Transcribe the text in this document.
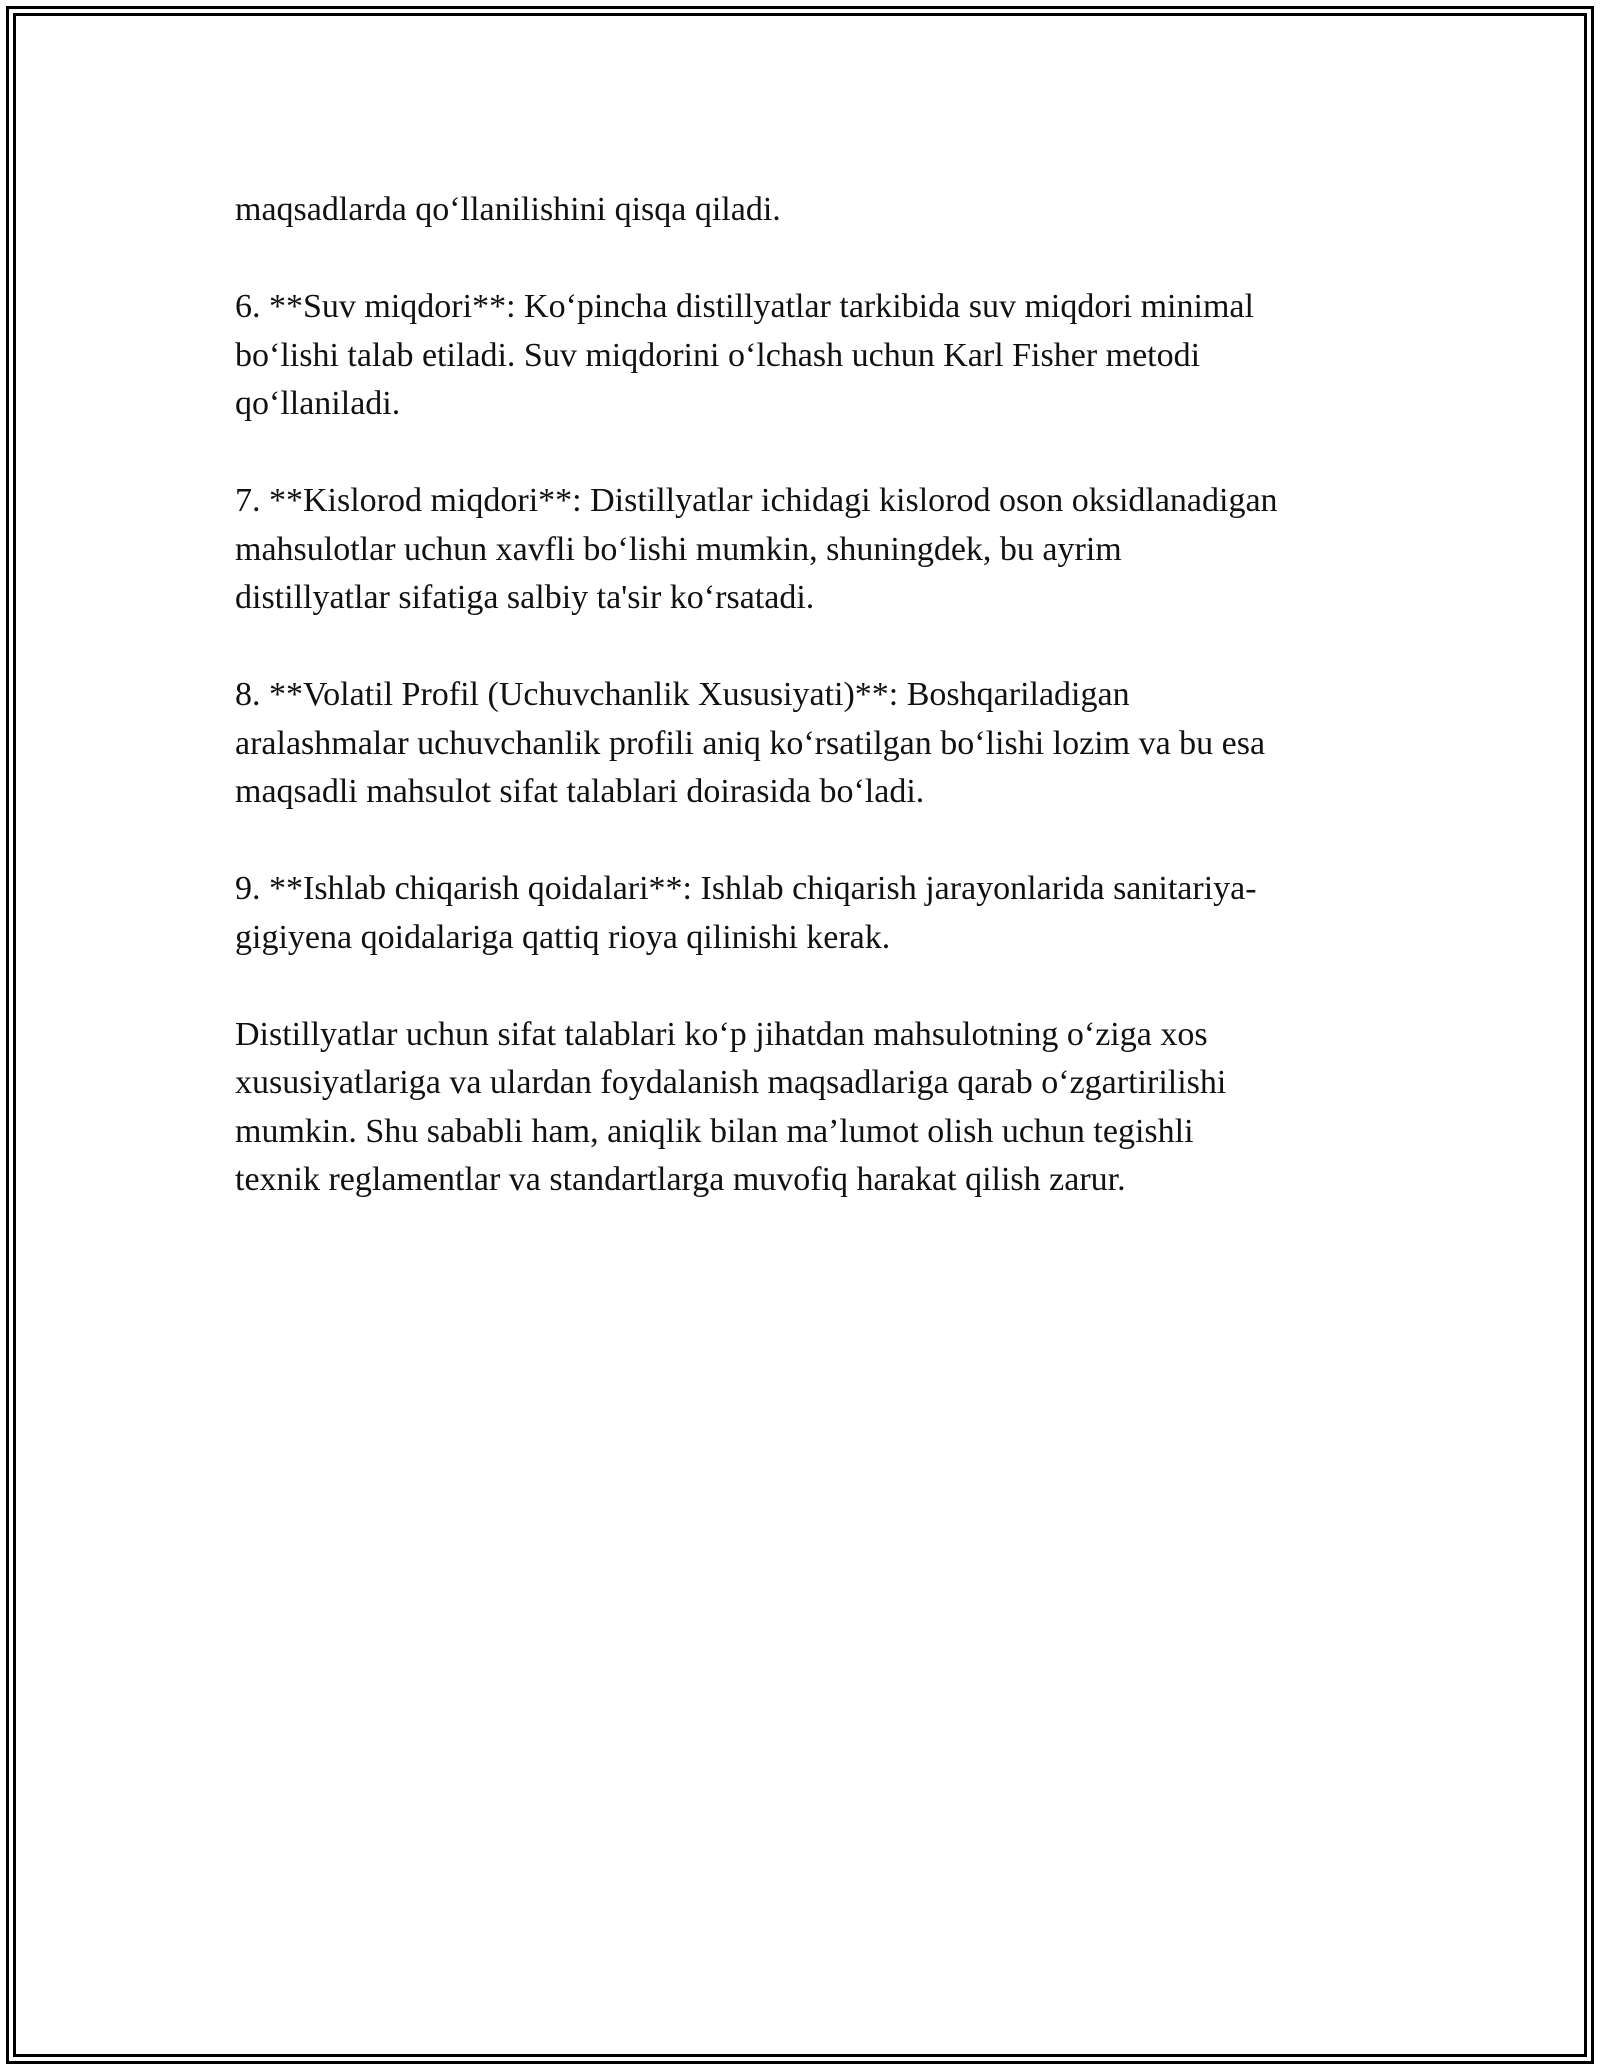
maqsadlarda qo‘llanilishini qisqa qiladi.

6. **Suv miqdori**: Ko‘pincha distillyatlar tarkibida suv miqdori minimal
bo‘lishi talab etiladi. Suv miqdorini o‘lchash uchun Karl Fisher metodi
qo‘llaniladi.

7. **Kislorod miqdori**: Distillyatlar ichidagi kislorod oson oksidlanadigan
mahsulotlar uchun xavfli bo‘lishi mumkin, shuningdek, bu ayrim
distillyatlar sifatiga salbiy ta'sir ko‘rsatadi.

8. **Volatil Profil (Uchuvchanlik Xususiyati)**: Boshqariladigan
aralashmalar uchuvchanlik profili aniq ko‘rsatilgan bo‘lishi lozim va bu esa
maqsadli mahsulot sifat talablari doirasida bo‘ladi.

9. **Ishlab chiqarish qoidalari**: Ishlab chiqarish jarayonlarida sanitariya-
gigiyena qoidalariga qattiq rioya qilinishi kerak.

Distillyatlar uchun sifat talablari ko‘p jihatdan mahsulotning o‘ziga xos
xususiyatlariga va ulardan foydalanish maqsadlariga qarab o‘zgartirilishi
mumkin. Shu sababli ham, aniqlik bilan ma’lumot olish uchun tegishli
texnik reglamentlar va standartlarga muvofiq harakat qilish zarur.
